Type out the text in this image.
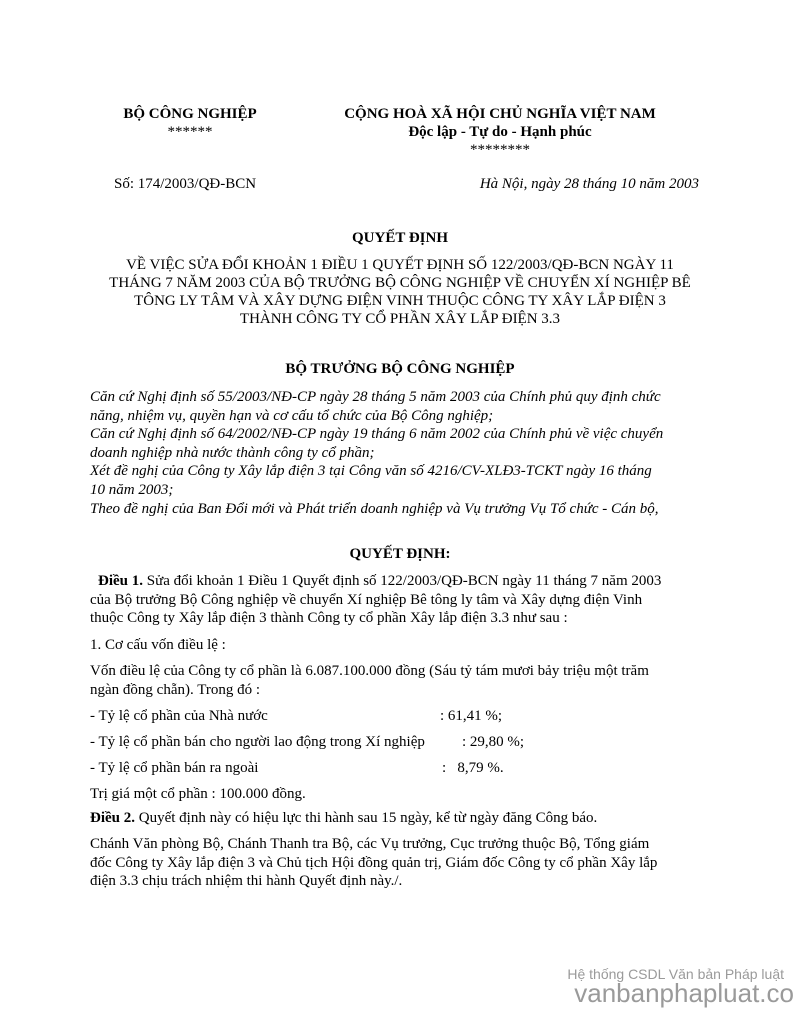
BỘ CÔNG NGHIỆP
******
CỘNG HOÀ XÃ HỘI CHỦ NGHĨA VIỆT NAM
Độc lập - Tự do - Hạnh phúc
********
Số: 174/2003/QĐ-BCN	Hà Nội, ngày 28 tháng 10 năm 2003
QUYẾT ĐỊNH
VỀ VIỆC SỬA ĐỔI KHOẢN 1 ĐIỀU 1 QUYẾT ĐỊNH SỐ 122/2003/QĐ-BCN NGÀY 11
THÁNG 7 NĂM 2003 CỦA BỘ TRƯỞNG BỘ CÔNG NGHIỆP VỀ CHUYỂN XÍ NGHIỆP BÊ
TÔNG LY TÂM VÀ XÂY DỰNG ĐIỆN VINH THUỘC CÔNG TY XÂY LẮP ĐIỆN 3
THÀNH CÔNG TY CỔ PHẦN XÂY LẮP ĐIỆN 3.3
BỘ TRƯỞNG BỘ CÔNG NGHIỆP
Căn cứ Nghị định số 55/2003/NĐ-CP ngày 28 tháng 5 năm 2003 của Chính phủ quy định chức
năng, nhiệm vụ, quyền hạn và cơ cấu tổ chức của Bộ Công nghiệp;
Căn cứ Nghị định số 64/2002/NĐ-CP ngày 19 tháng 6 năm 2002 của Chính phủ về việc chuyển
doanh nghiệp nhà nước thành công ty cổ phần;
Xét đề nghị của Công ty Xây lắp điện 3 tại Công văn số 4216/CV-XLĐ3-TCKT ngày 16 tháng
10 năm 2003;
Theo đề nghị của Ban Đổi mới và Phát triển doanh nghiệp và Vụ trưởng Vụ Tổ chức - Cán bộ,
QUYẾT ĐỊNH:
Điều 1. Sửa đổi khoản 1 Điều 1 Quyết định số 122/2003/QĐ-BCN ngày 11 tháng 7 năm 2003
của Bộ trưởng Bộ Công nghiệp về chuyển Xí nghiệp Bê tông ly tâm và Xây dựng điện Vinh
thuộc Công ty Xây lắp điện 3 thành Công ty cổ phần Xây lắp điện 3.3 như sau :
1. Cơ cấu vốn điều lệ :
Vốn điều lệ của Công ty cổ phần là 6.087.100.000 đồng (Sáu tỷ tám mươi bảy triệu một trăm
ngàn đồng chẵn). Trong đó :
- Tỷ lệ cổ phần của Nhà nước	: 61,41 %;
- Tỷ lệ cổ phần bán cho người lao động trong Xí nghiệp : 29,80 %;
- Tỷ lệ cổ phần bán ra ngoài	:   8,79 %.
Trị giá một cổ phần : 100.000 đồng.
Điều 2. Quyết định này có hiệu lực thi hành sau 15 ngày, kể từ ngày đăng Công báo.
Chánh Văn phòng Bộ, Chánh Thanh tra Bộ, các Vụ trưởng, Cục trưởng thuộc Bộ, Tổng giám
đốc Công ty Xây lắp điện 3 và Chủ tịch Hội đồng quản trị, Giám đốc Công ty cổ phần Xây lắp
điện 3.3 chịu trách nhiệm thi hành Quyết định này./.
Hệ thống CSDL Văn bản Pháp luật
vanbanphapluat.co
